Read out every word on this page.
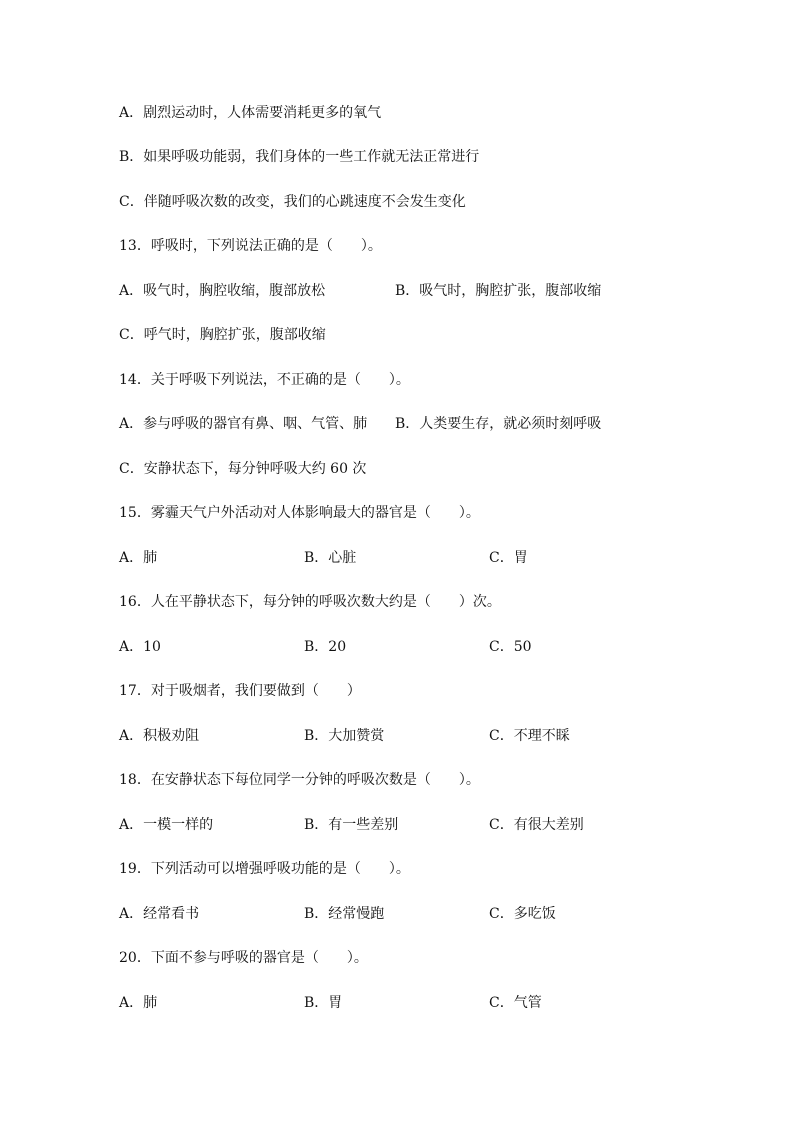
A．剧烈运动时，人体需要消耗更多的氧气
B．如果呼吸功能弱，我们身体的一些工作就无法正常进行
C．伴随呼吸次数的改变，我们的心跳速度不会发生变化
13．呼吸时，下列说法正确的是（　　）。
A．吸气时，胸腔收缩，腹部放松	B．吸气时，胸腔扩张，腹部收缩
C．呼气时，胸腔扩张，腹部收缩
14．关于呼吸下列说法，不正确的是（　　）。
A．参与呼吸的器官有鼻、咽、气管、肺 B．人类要生存，就必须时刻呼吸
C．安静状态下，每分钟呼吸大约 60 次
15．雾霾天气户外活动对人体影响最大的器官是（　　）。
A．肺	B．心脏	C．胃
16．人在平静状态下，每分钟的呼吸次数大约是（　　）次。
A．10	B．20	C．50
17．对于吸烟者，我们要做到（　　）
A．积极劝阻	B．大加赞赏	C．不理不睬
18．在安静状态下每位同学一分钟的呼吸次数是（　　）。
A．一模一样的	B．有一些差别	C．有很大差别
19．下列活动可以增强呼吸功能的是（　　）。
A．经常看书	B．经常慢跑	C．多吃饭
20．下面不参与呼吸的器官是（　　）。
A．肺	B．胃	C．气管
